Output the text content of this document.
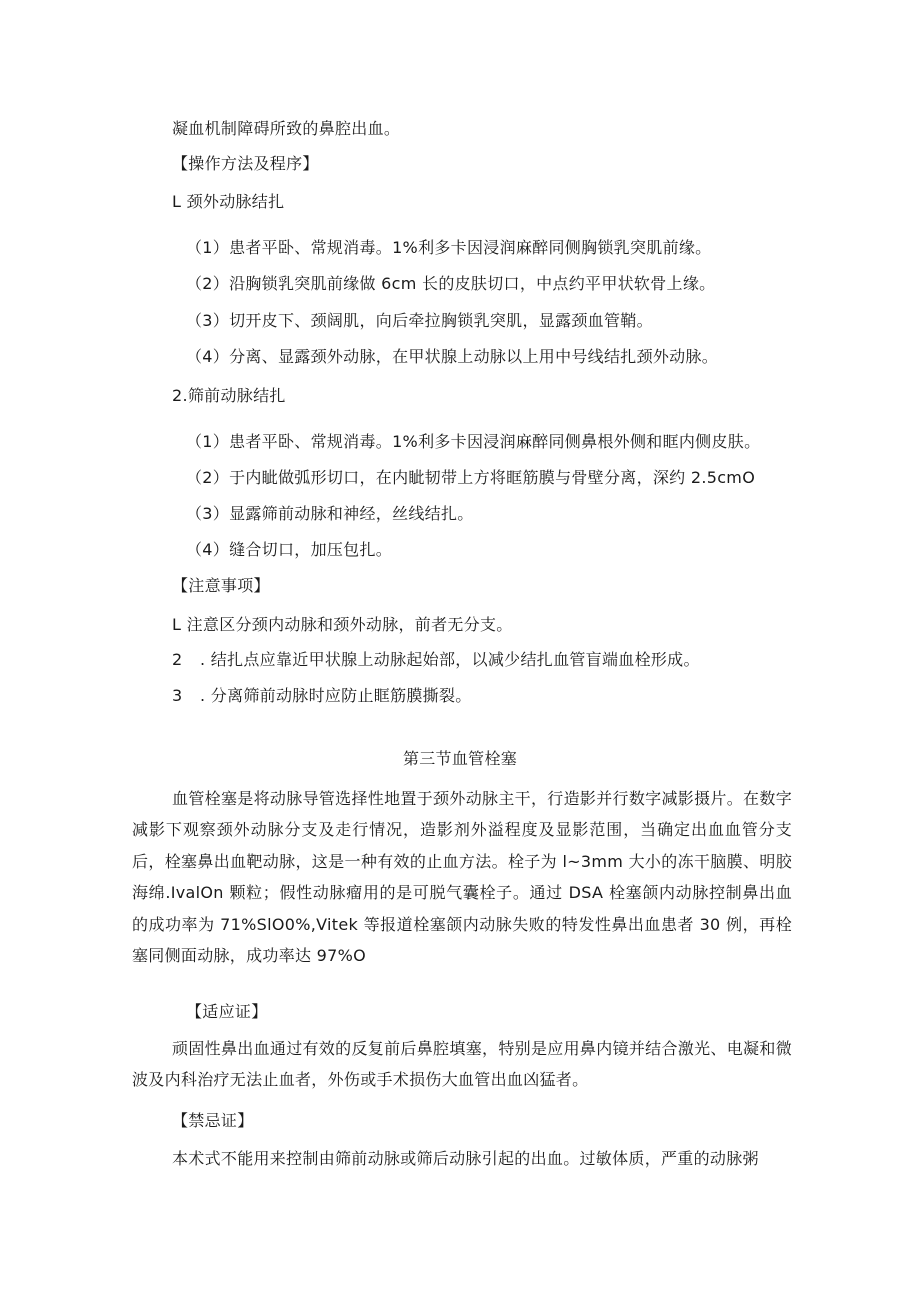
凝血机制障碍所致的鼻腔出血。
【操作方法及程序】
L 颈外动脉结扎
（1）患者平卧、常规消毒。1%利多卡因浸润麻醉同侧胸锁乳突肌前缘。
（2）沿胸锁乳突肌前缘做 6cm 长的皮肤切口，中点约平甲状软骨上缘。
（3）切开皮下、颈阔肌，向后牵拉胸锁乳突肌，显露颈血管鞘。
（4）分离、显露颈外动脉，在甲状腺上动脉以上用中号线结扎颈外动脉。
2.筛前动脉结扎
（1）患者平卧、常规消毒。1%利多卡因浸润麻醉同侧鼻根外侧和眶内侧皮肤。
（2）于内眦做弧形切口，在内眦韧带上方将眶筋膜与骨壁分离，深约 2.5cmO
（3）显露筛前动脉和神经，丝线结扎。
（4）缝合切口，加压包扎。
【注意事项】
L 注意区分颈内动脉和颈外动脉，前者无分支。
2 . 结扎点应靠近甲状腺上动脉起始部，以减少结扎血管盲端血栓形成。
3 . 分离筛前动脉时应防止眶筋膜撕裂。
第三节血管栓塞
血管栓塞是将动脉导管选择性地置于颈外动脉主干，行造影并行数字减影摄片。在数字减影下观察颈外动脉分支及走行情况，造影剂外溢程度及显影范围，当确定出血血管分支后，栓塞鼻出血靶动脉，这是一种有效的止血方法。栓子为 l~3mm 大小的冻干脑膜、明胶海绵.IvalOn 颗粒；假性动脉瘤用的是可脱气囊栓子。通过 DSA 栓塞颌内动脉控制鼻出血的成功率为 71%SlO0%,Vitek 等报道栓塞颌内动脉失败的特发性鼻出血患者 30 例，再栓塞同侧面动脉，成功率达 97%O
【适应证】
顽固性鼻出血通过有效的反复前后鼻腔填塞，特别是应用鼻内镜并结合激光、电凝和微波及内科治疗无法止血者，外伤或手术损伤大血管出血凶猛者。
【禁忌证】
本术式不能用来控制由筛前动脉或筛后动脉引起的出血。过敏体质，严重的动脉粥
